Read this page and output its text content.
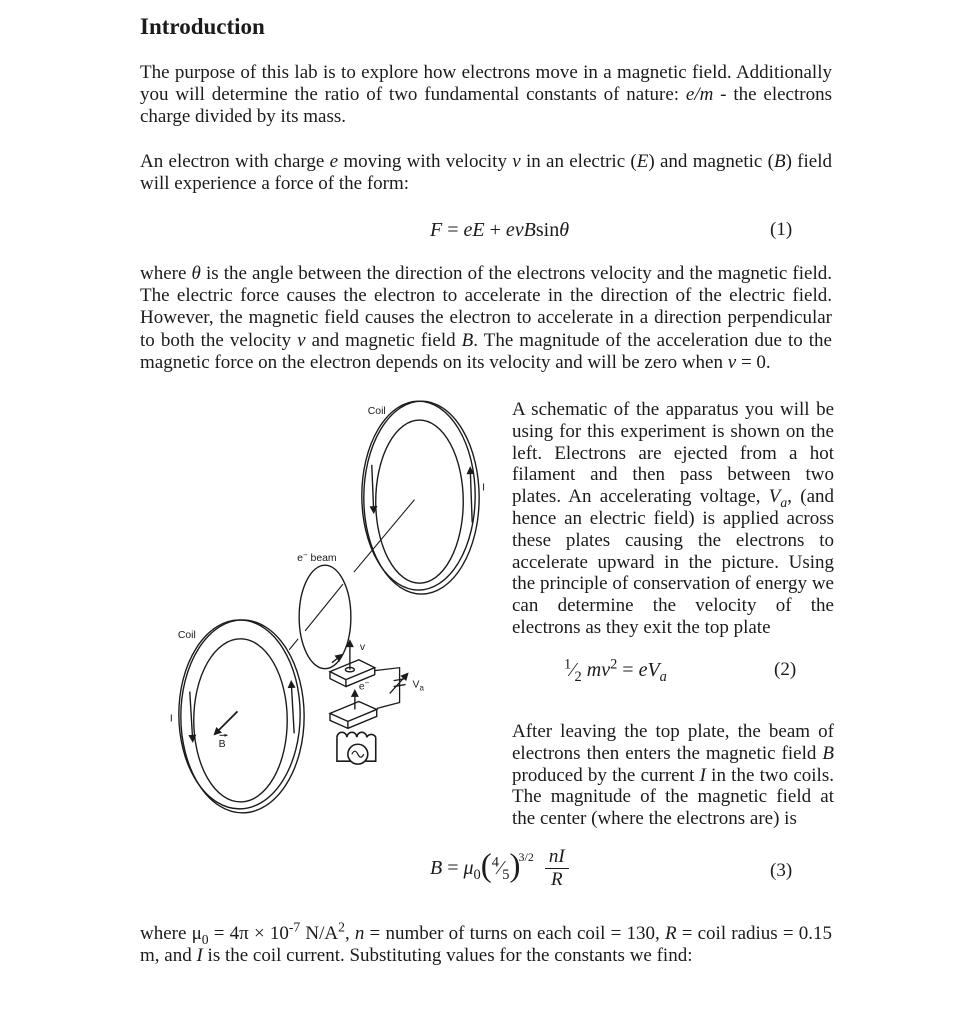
Introduction

The purpose of this lab is to explore how electrons move in a magnetic field. Additionally you will determine the ratio of two fundamental constants of nature: e/m - the electrons charge divided by its mass.

An electron with charge e moving with velocity v in an electric (E) and magnetic (B) field will experience a force of the form:

F = eE + evBsinθ	(1)

where θ is the angle between the direction of the electrons velocity and the magnetic field. The electric force causes the electron to accelerate in the direction of the electric field. However, the magnetic field causes the electron to accelerate in a direction perpendicular to both the velocity v and magnetic field B. The magnitude of the acceleration due to the magnetic force on the electron depends on its velocity and will be zero when v = 0.

Coil
I
Coil
I
e− beam
v
e−	$V_a$
B

A schematic of the apparatus you will be using for this experiment is shown on the left. Electrons are ejected from a hot filament and then pass between two plates. An accelerating voltage, $V_a$, (and hence an electric field) is applied across these plates causing the electrons to accelerate upward in the picture. Using the principle of conservation of energy we can determine the velocity of the electrons as they exit the top plate

$^1⁄_2$ $mv^2 = eV_a$	(2)

After leaving the top plate, the beam of electrons then enters the magnetic field B produced by the current I in the two coils. The magnitude of the magnetic field at the center (where the electrons are) is

$B = \mu_0$ ( $^4⁄_5$ )
$3/2 \frac{nI}{R}$	(3)

where $\mu_0 = 4\pi \times 10^{-7}$ $N/A^2$, n = number of turns on each coil = 130, R = coil radius = 0.15 m, and I is the coil current. Substituting values for the constants we find:
